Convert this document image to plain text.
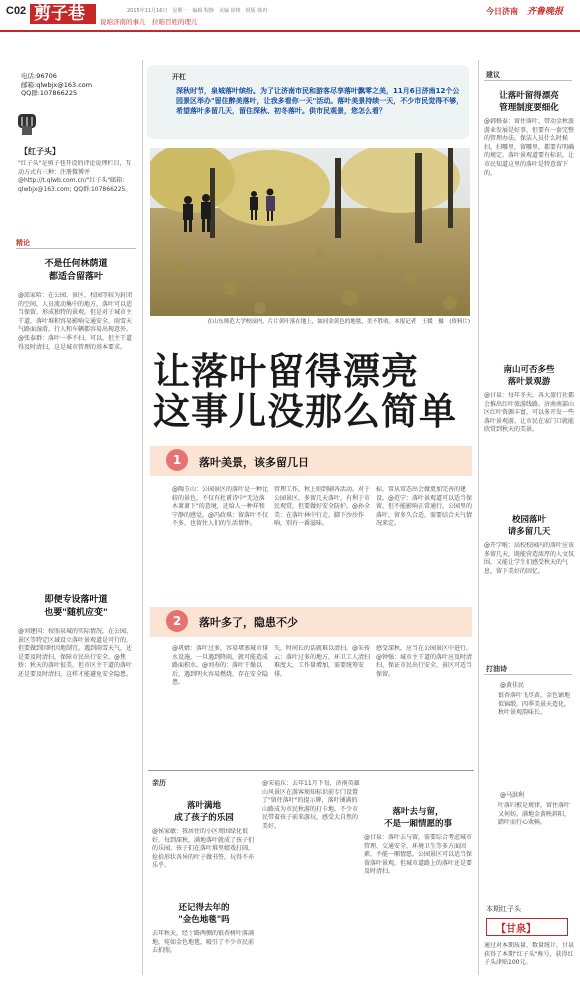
C02 剪子巷 说咱济南的事儿　拉咱百姓的理儿
2015年11月16日　星期一　编辑 程静　美编 徐树　组版 韩冉	今日济南 齐鲁晚报
电话:96706
邮箱:qlwbjx@163.com
QQ群:107866225
【红子头】
"红子头"是剪子巷开设的评论说理栏目，互动方式有三种：注册微博并@http://t.qlwb.com.cn/"红子头"邮箱：qlwbjx@163.com; QQ群:107866225。
精论
不是任何林荫道
都适合留落叶
@邱家哈：在公园、景区、校园等较为封闭的空间，人员流动集中的地方，落叶可以适当保留，形成独特的景观。但是对于城市主干道，落叶堆积容易影响交通安全，雨雪天气路面湿滑，行人和车辆都容易出现意外。@张泰群：落叶一季不扫，可以，但主干道得及时清扫，这是城市管理的基本要求。
即便专设落叶道
也要"随机应变"
@刘建国：按照泉城的实际情况，在公园、景区等特定区域设立落叶景观道是可行的，但要做到因时因地制宜。遇到雨雪天气，还是要及时清扫，保障市民出行安全。@焦娇：秋天的落叶很美，但市区主干道的落叶还是要及时清扫，这样才能避免安全隐患。
开杠
深秋时节，泉城落叶缤纷。为了让济南市民和游客尽享落叶飘零之美，11月6日济南12个公园景区举办"留住醉美落叶，让我多看你一天"活动。落叶美景持续一天，不少市民觉得不够，希望落叶多留几天，留住深秋、初冬落叶。供市民观景，您怎么看？
在山东师范大学校园内，片片黄叶落在地上，如同金黄色的地毯，美不胜收。本报记者　王媛　摄　(资料片)
让落叶留得漂亮
这事儿没那么简单
1	落叶美景，该多留几日
@陶玉山：公园景区的落叶是一种比较的景色，不仅有杜甫诗中"无边落木萧萧下"的意境，还给人一种祥和宁静的感觉。@冯政琪：留落叶不仅不多，也留住人们的生活情怀。
管理工作，秋上则到刷各活动。对于公园景区，多留几天落叶，有利于市民观赏，但要做好安全防护。@孙全美：在落叶林中行走，脚下沙沙作响，别有一番滋味。
标，常从常态出会做更加完善的建设。@范宁：落叶景观道可以适当保留，但不能影响正常通行。公园里的落叶，留多久合适，需要结合天气情况来定。
2	落叶多了，隐患不少
@巩婧：落叶过多，容易堵塞城市排水设施，一旦遇到降雨，就可能造成路面积水。@刘寿的：落叶干燥以后，遇到明火容易燃烧，存在安全隐患。
失，时间长的话就难以清扫。@朱传云：落叶过多的地方，环卫工人清扫难度大，工作量增加，需要统筹安排。
感受深秋，应当在公园景区中进行。@钟强：城市主干道的落叶应及时清扫，保证市民出行安全，景区可适当保留。
亲历
落叶满地
成了孩子的乐园
@侯家敏：我居住的小区周围绿化很好，每到深秋，满地落叶就成了孩子们的乐园。孩子们在落叶堆里嬉戏打闹，捡拾形状各异的叶子做书签，玩得不亦乐乎。
还记得去年的
"金色地毯"吗
去年秋天，经十路两侧的银杏树叶落满地，宛如金色地毯，吸引了不少市民前去拍照。
@宋福东：去年11月下旬，济南英雄山风景区在游客须知标识前专门设置了"留住落叶"的提示牌，落叶铺满的山路成为市民秋游的打卡地。不少市民带着孩子前来游玩，感受大自然的美好。
落叶去与留，
不是一厢情愿的事
@甘泉：落叶去与留，需要综合考虑城市管理、交通安全、环境卫生等多方面因素，不能一厢情愿。公园景区可以适当保留落叶景观，但城市道路上的落叶还是要及时清扫。
建议
让落叶留得漂亮
管理制度要细化
@韩格泰：留住落叶，带动金秋旅游业发展是好事，但要有一套完整的管理办法。保洁人员什么时候扫，扫哪里，留哪里，都要有明确的规定。落叶景观道要有标识，让市民知道这里的落叶是特意留下的。
南山可否多些
落叶景观游
@甘泉：每年冬天，各大旅行社都会推出红叶旅游线路。济南南部山区红叶资源丰富，可以多开发一些落叶景观游，让市民在家门口就能欣赏到秋天的美景。
校园落叶
请多留几天
@开学啦：高校校园内的落叶应该多留几天，既能营造浓厚的人文氛围，又能让学生们感受秋天的气息，留下美好的回忆。
打油诗
@黄佳民
银杏落叶飞尽黄，金色铺地似锦缎。四季美景天造化，秋叶景观韵味长。
@马洪利
叶落归根是规律，留住落叶又何妨。满地金黄映斜阳，踏叶而行心欢畅。
本期红子头
【甘泉】
通过对本期质量、数量统计，甘泉获得了本期"红子头"称号，获得红子头津贴100元。
